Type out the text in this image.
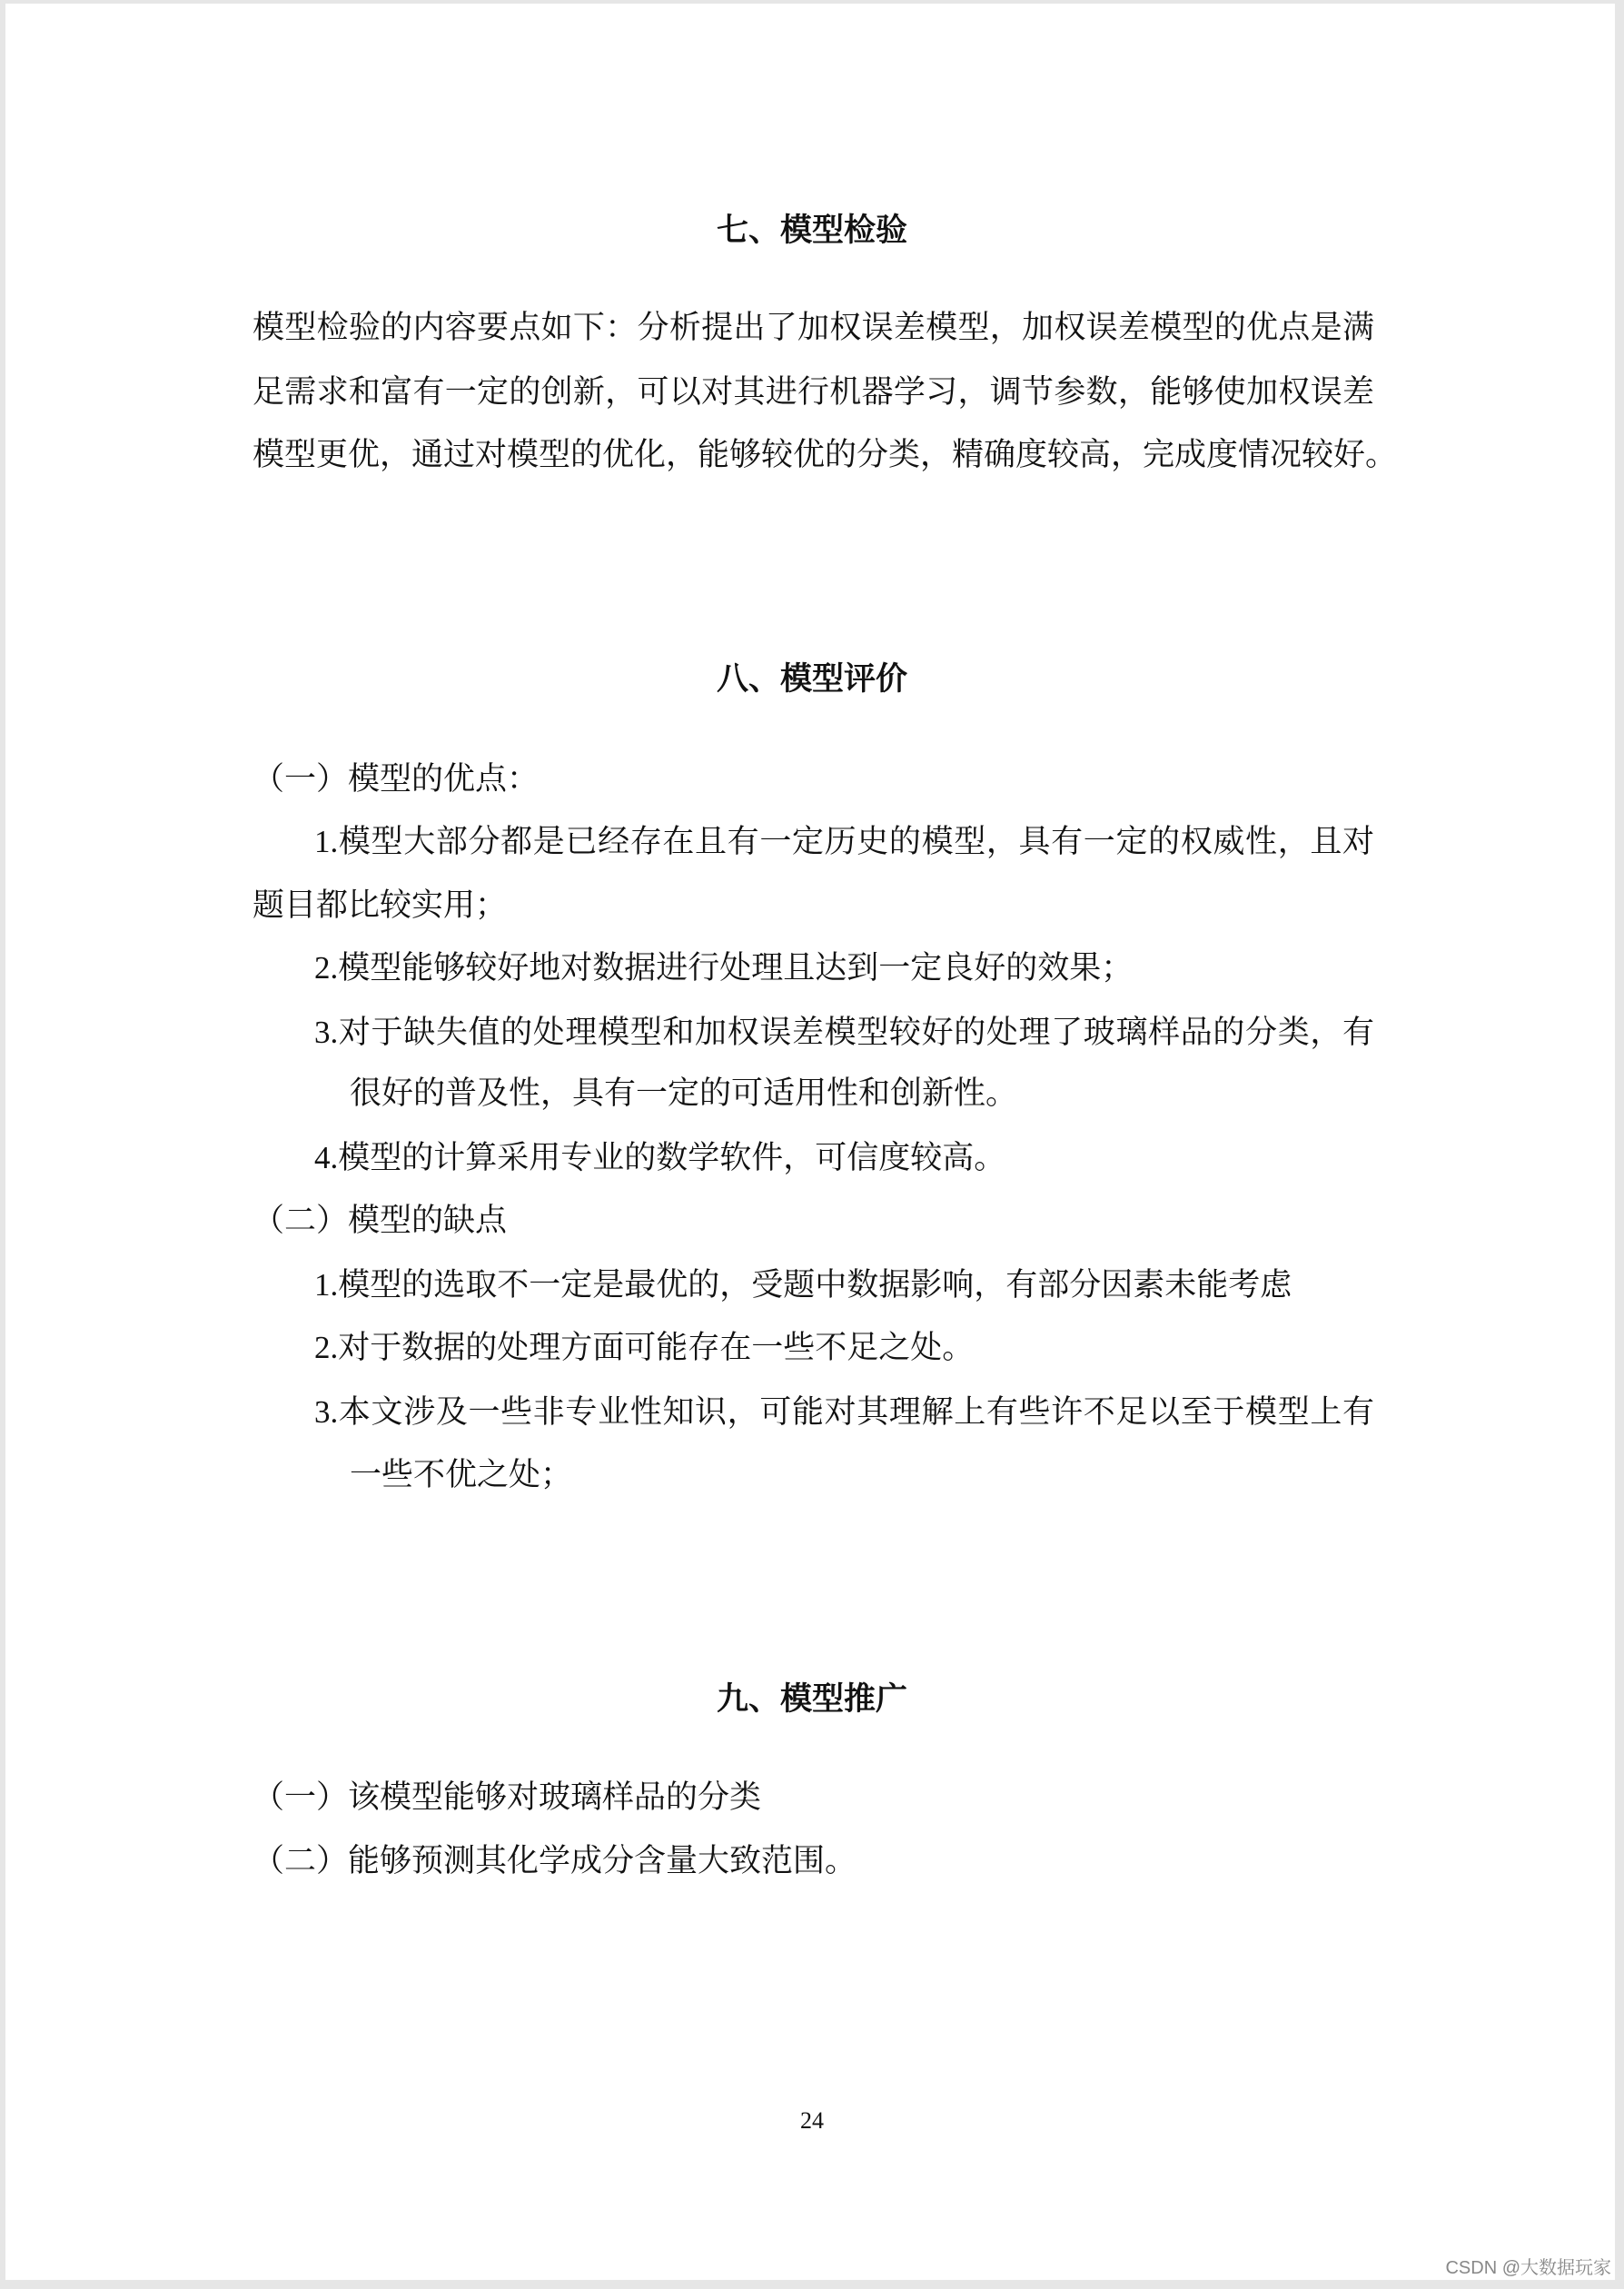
七、模型检验
模型检验的内容要点如下：分析提出了加权误差模型，加权误差模型的优点是满
足需求和富有一定的创新，可以对其进行机器学习，调节参数，能够使加权误差
模型更优，通过对模型的优化，能够较优的分类，精确度较高，完成度情况较好。
八、模型评价
（一）模型的优点：
1.模型大部分都是已经存在且有一定历史的模型，具有一定的权威性，且对
题目都比较实用；
2.模型能够较好地对数据进行处理且达到一定良好的效果；
3.对于缺失值的处理模型和加权误差模型较好的处理了玻璃样品的分类，有
很好的普及性，具有一定的可适用性和创新性。
4.模型的计算采用专业的数学软件，可信度较高。
（二）模型的缺点
1.模型的选取不一定是最优的，受题中数据影响，有部分因素未能考虑
2.对于数据的处理方面可能存在一些不足之处。
3.本文涉及一些非专业性知识，可能对其理解上有些许不足以至于模型上有
一些不优之处；
九、模型推广
（一）该模型能够对玻璃样品的分类
（二）能够预测其化学成分含量大致范围。
24
CSDN @大数据玩家
